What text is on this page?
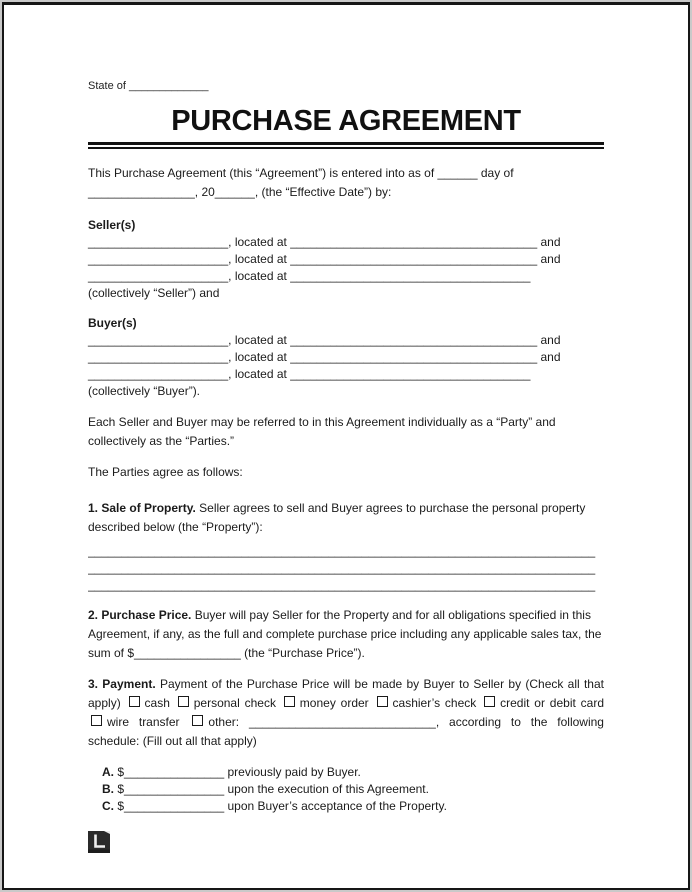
State of _____________
PURCHASE AGREEMENT

This Purchase Agreement (this “Agreement”) is entered into as of ______ day of ________________, 20______, (the “Effective Date”) by:

Seller(s)
_____________________, located at _____________________________________ and
_____________________, located at _____________________________________ and
_____________________, located at ____________________________________
(collectively “Seller”) and
Buyer(s)
_____________________, located at _____________________________________ and
_____________________, located at _____________________________________ and
_____________________, located at ____________________________________
(collectively “Buyer”).

Each Seller and Buyer may be referred to in this Agreement individually as a “Party” and collectively as the “Parties.”

The Parties agree as follows:

1. Sale of Property. Seller agrees to sell and Buyer agrees to purchase the personal property described below (the “Property”):

____________________________________________________________________________
____________________________________________________________________________
____________________________________________________________________________

2. Purchase Price. Buyer will pay Seller for the Property and for all obligations specified in this Agreement, if any, as the full and complete purchase price including any applicable sales tax, the sum of $________________ (the “Purchase Price”).

3. Payment. Payment of the Purchase Price will be made by Buyer to Seller by (Check all that apply) cash personal check money order cashier’s check credit or debit card wire transfer other: ____________________________, according to the following schedule: (Fill out all that apply)

A. $_______________ previously paid by Buyer.
B. $_______________ upon the execution of this Agreement.
C. $_______________ upon Buyer’s acceptance of the Property.
